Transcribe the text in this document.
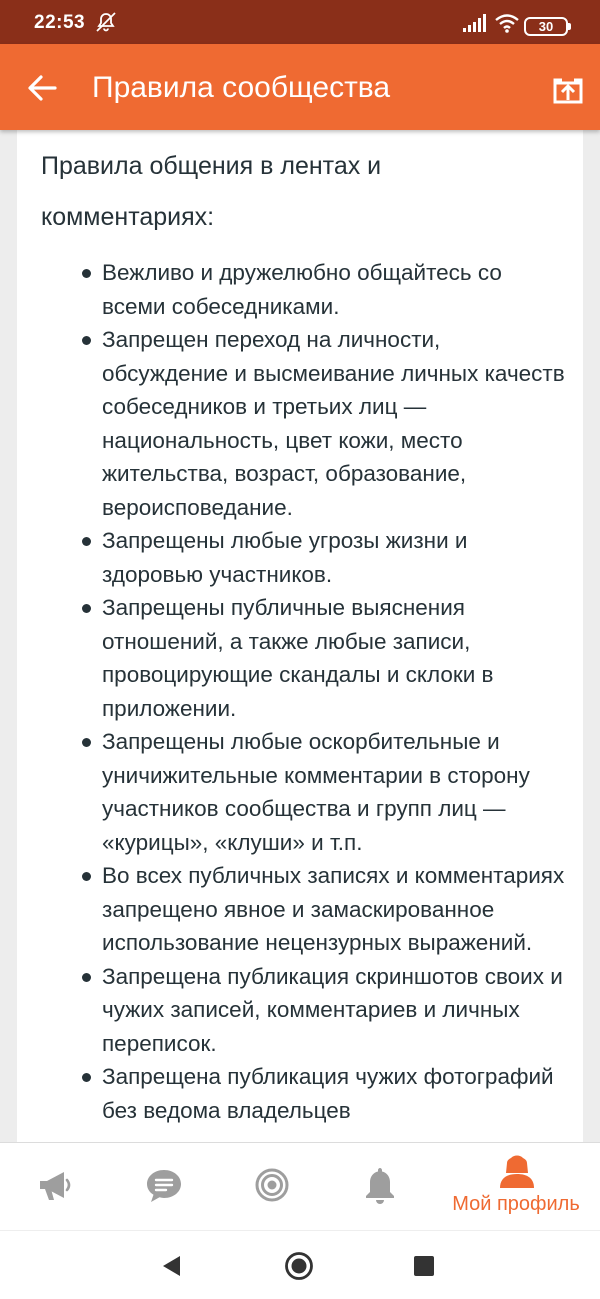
22:53	30
Правила сообщества
Правила общения в лентах и комментариях:
Вежливо и дружелюбно общайтесь со всеми собеседниками.
Запрещен переход на личности, обсуждение и высмеивание личных качеств собеседников и третьих лиц — национальность, цвет кожи, место жительства, возраст, образование, вероисповедание.
Запрещены любые угрозы жизни и здоровью участников.
Запрещены публичные выяснения отношений, а также любые записи, провоцирующие скандалы и склоки в приложении.
Запрещены любые оскорбительные и уничижительные комментарии в сторону участников сообщества и групп лиц — «курицы», «клуши» и т.п.
Во всех публичных записях и комментариях запрещено явное и замаскированное использование нецензурных выражений.
Запрещена публикация скриншотов своих и чужих записей, комментариев и личных переписок.
Запрещена публикация чужих фотографий без ведома владельцев
Мой профиль
